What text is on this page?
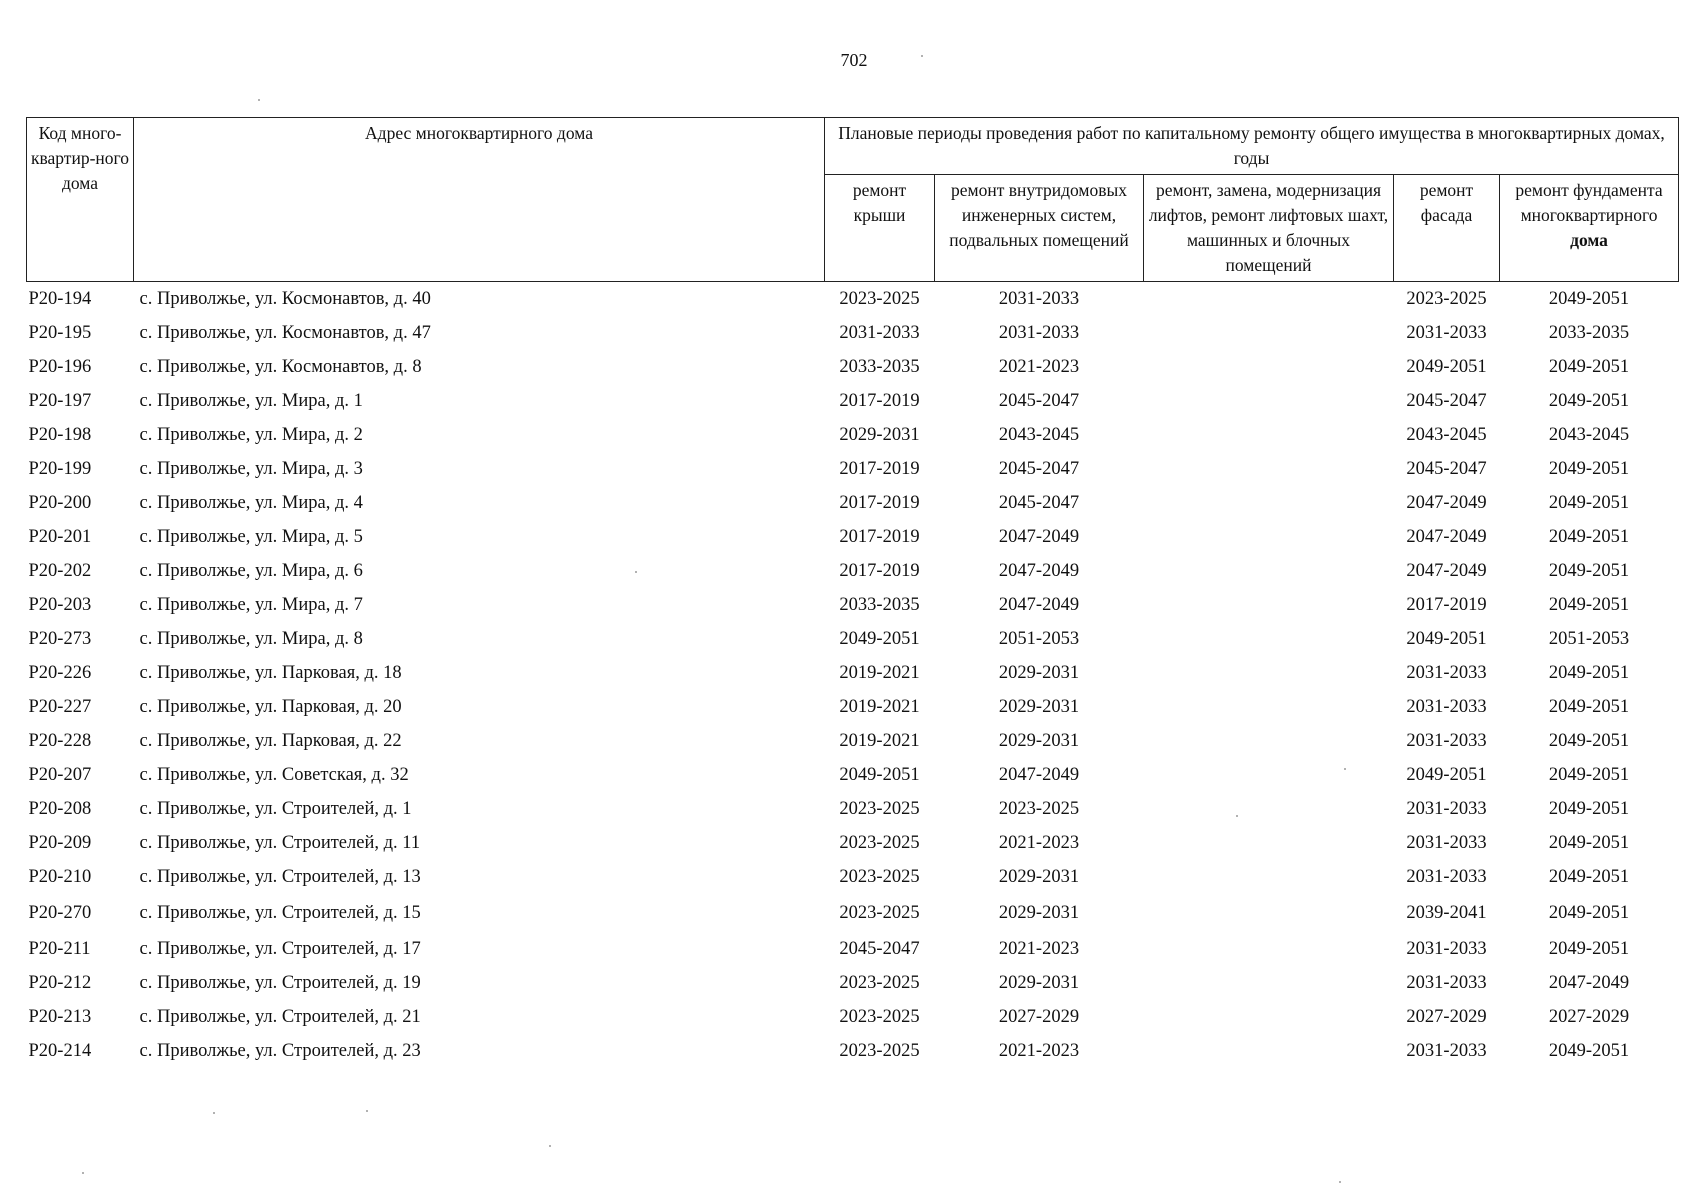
702
Код много-квартир-ного дома	Адрес многоквартирного дома	Плановые периоды проведения работ по капитальному ремонту общего имущества в многоквартирных домах, годы				
		ремонт крыши	ремонт внутридомовых инженерных систем, подвальных помещений	ремонт, замена, модернизация лифтов, ремонт лифтовых шахт, машинных и блочных помещений	ремонт фасада	ремонт фундамента многоквартирного
дома
P20-194	с. Приволжье, ул. Космонавтов, д. 40	2023-2025	2031-2033		2023-2025	2049-2051
P20-195	с. Приволжье, ул. Космонавтов, д. 47	2031-2033	2031-2033		2031-2033	2033-2035
P20-196	с. Приволжье, ул. Космонавтов, д. 8	2033-2035	2021-2023		2049-2051	2049-2051
P20-197	с. Приволжье, ул. Мира, д. 1	2017-2019	2045-2047		2045-2047	2049-2051
P20-198	с. Приволжье, ул. Мира, д. 2	2029-2031	2043-2045		2043-2045	2043-2045
P20-199	с. Приволжье, ул. Мира, д. 3	2017-2019	2045-2047		2045-2047	2049-2051
P20-200	с. Приволжье, ул. Мира, д. 4	2017-2019	2045-2047		2047-2049	2049-2051
P20-201	с. Приволжье, ул. Мира, д. 5	2017-2019	2047-2049		2047-2049	2049-2051
P20-202	с. Приволжье, ул. Мира, д. 6	2017-2019	2047-2049		2047-2049	2049-2051
P20-203	с. Приволжье, ул. Мира, д. 7	2033-2035	2047-2049		2017-2019	2049-2051
P20-273	с. Приволжье, ул. Мира, д. 8	2049-2051	2051-2053		2049-2051	2051-2053
P20-226	с. Приволжье, ул. Парковая, д. 18	2019-2021	2029-2031		2031-2033	2049-2051
P20-227	с. Приволжье, ул. Парковая, д. 20	2019-2021	2029-2031		2031-2033	2049-2051
P20-228	с. Приволжье, ул. Парковая, д. 22	2019-2021	2029-2031		2031-2033	2049-2051
P20-207	с. Приволжье, ул. Советская, д. 32	2049-2051	2047-2049		2049-2051	2049-2051
P20-208	с. Приволжье, ул. Строителей, д. 1	2023-2025	2023-2025		2031-2033	2049-2051
P20-209	с. Приволжье, ул. Строителей, д. 11	2023-2025	2021-2023		2031-2033	2049-2051
P20-210	с. Приволжье, ул. Строителей, д. 13	2023-2025	2029-2031		2031-2033	2049-2051
P20-270	с. Приволжье, ул. Строителей, д. 15	2023-2025	2029-2031		2039-2041	2049-2051
P20-211	с. Приволжье, ул. Строителей, д. 17	2045-2047	2021-2023		2031-2033	2049-2051
P20-212	с. Приволжье, ул. Строителей, д. 19	2023-2025	2029-2031		2031-2033	2047-2049
P20-213	с. Приволжье, ул. Строителей, д. 21	2023-2025	2027-2029		2027-2029	2027-2029
P20-214	с. Приволжье, ул. Строителей, д. 23	2023-2025	2021-2023		2031-2033	2049-2051
